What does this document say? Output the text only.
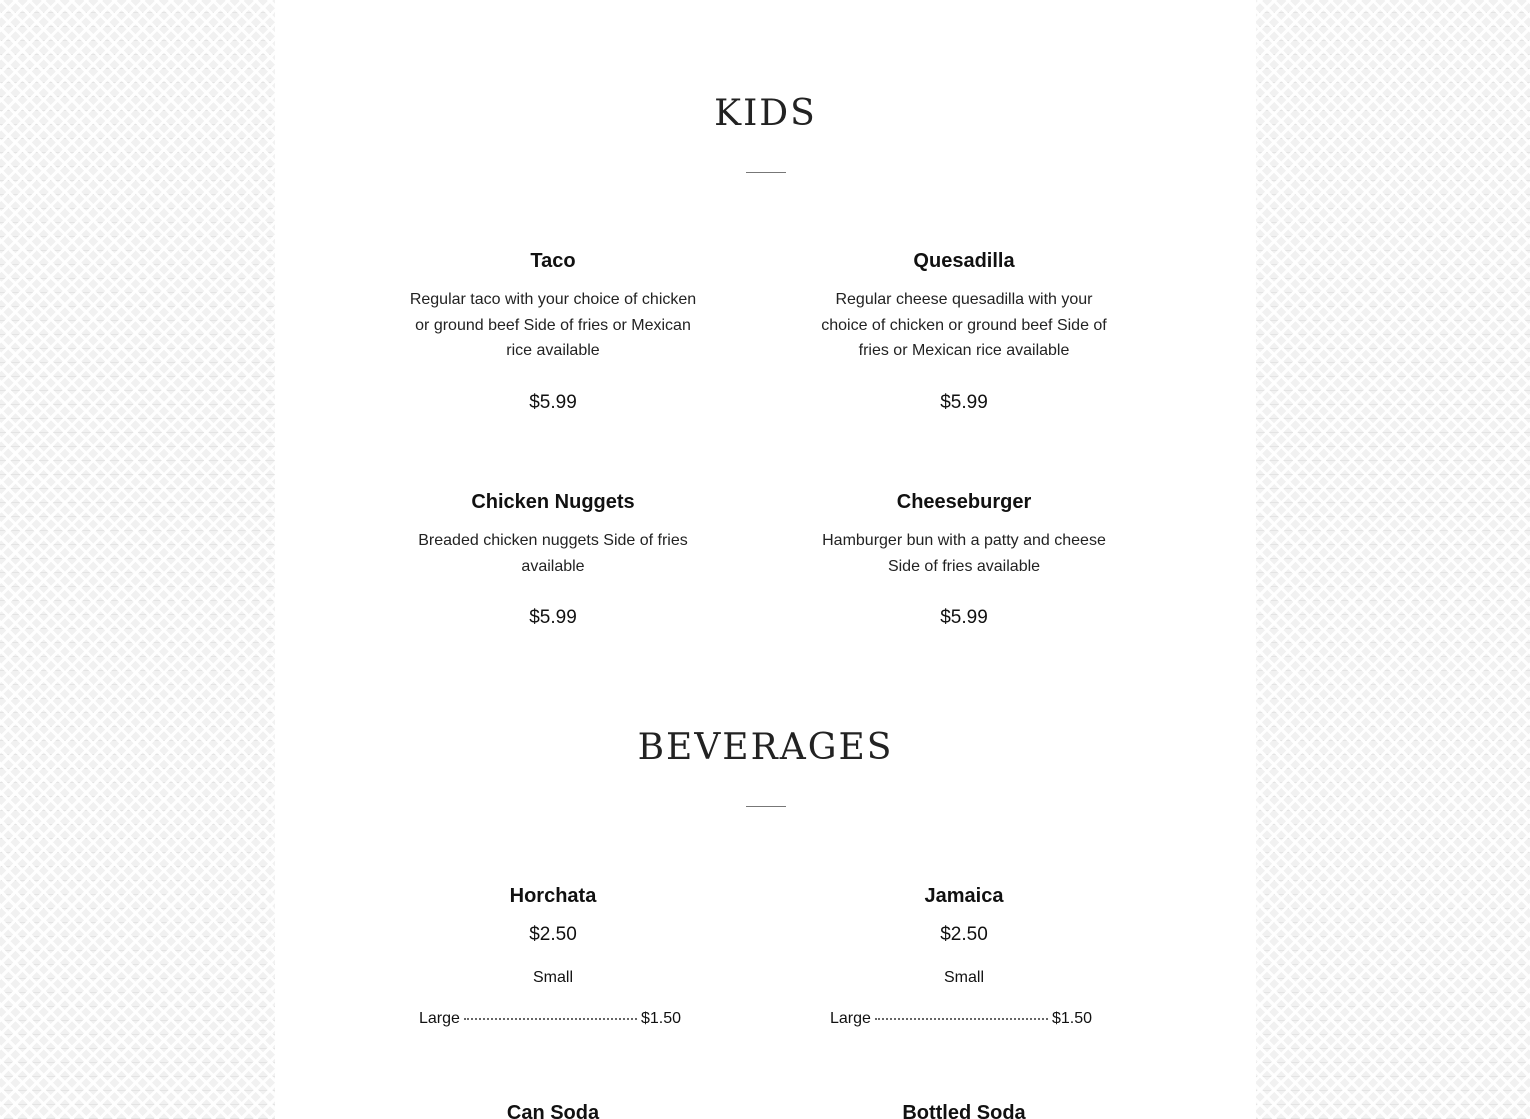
KIDS
Taco
Regular taco with your choice of chicken or ground beef Side of fries or Mexican rice available
$5.99
Quesadilla
Regular cheese quesadilla with your choice of chicken or ground beef Side of fries or Mexican rice available
$5.99
Chicken Nuggets
Breaded chicken nuggets Side of fries available
$5.99
Cheeseburger
Hamburger bun with a patty and cheese Side of fries available
$5.99
BEVERAGES
Horchata
$2.50
Small
Large	$1.50
Jamaica
$2.50
Small
Large	$1.50
Can Soda	Bottled Soda
